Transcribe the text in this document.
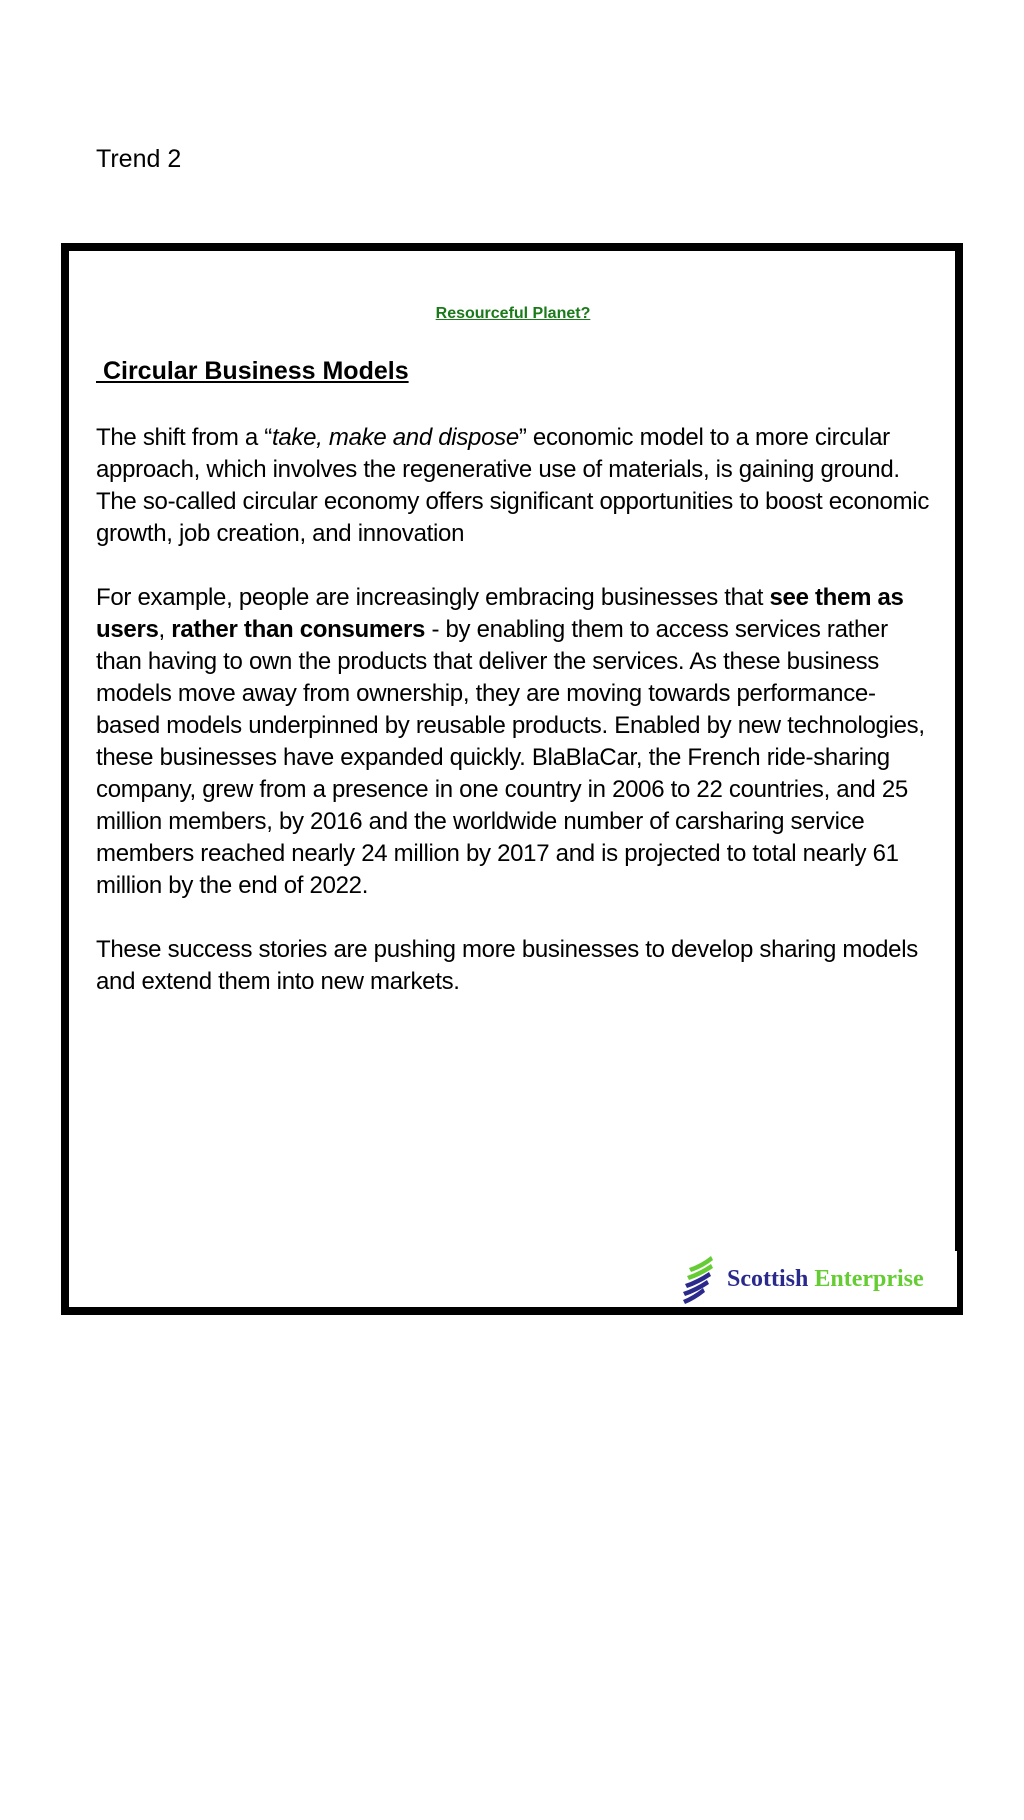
Trend 2
Resourceful Planet?
Circular Business Models

The shift from a “take, make and dispose” economic model to a more circular approach, which involves the regenerative use of materials, is gaining ground. The so-called circular economy offers significant opportunities to boost economic growth, job creation, and innovation

For example, people are increasingly embracing businesses that see them as users, rather than consumers - by enabling them to access services rather than having to own the products that deliver the services. As these business models move away from ownership, they are moving towards performance-based models underpinned by reusable products. Enabled by new technologies, these businesses have expanded quickly. BlaBlaCar, the French ride-sharing company, grew from a presence in one country in 2006 to 22 countries, and 25 million members, by 2016 and the worldwide number of carsharing service members reached nearly 24 million by 2017 and is projected to total nearly 61 million by the end of 2022.

These success stories are pushing more businesses to develop sharing models and extend them into new markets.

Scottish Enterprise
